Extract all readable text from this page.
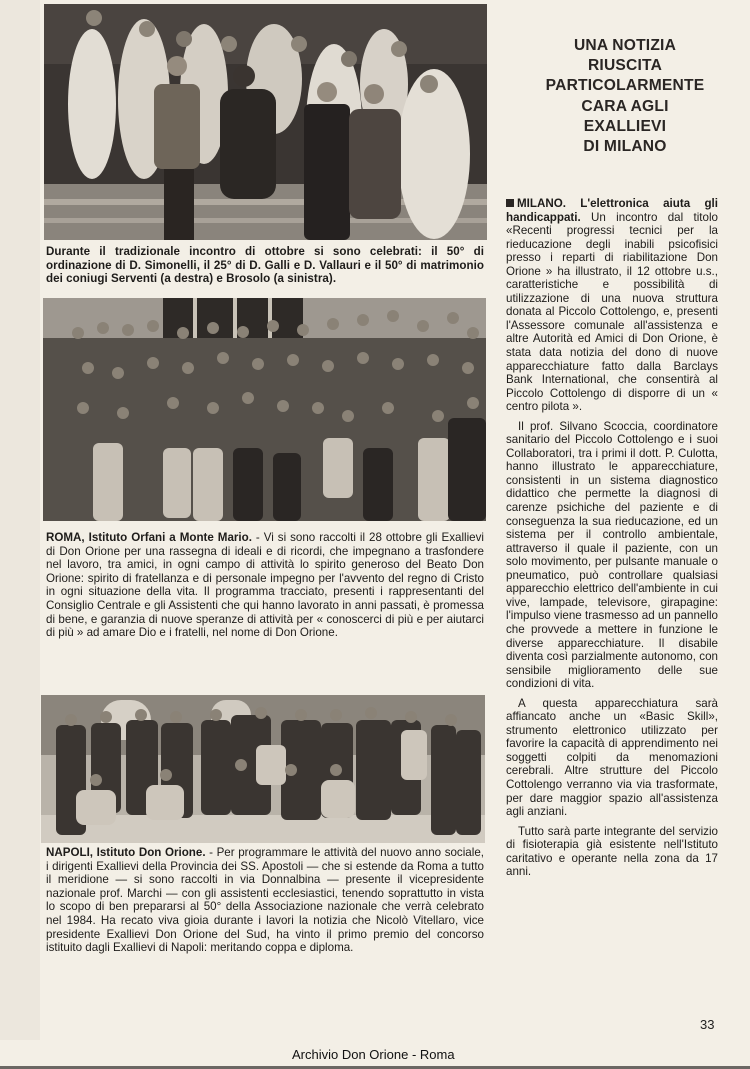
Durante il tradizionale incontro di ottobre si sono celebrati: il 50° di ordinazione di D. Simonelli, il 25° di D. Galli e D. Vallauri e il 50° di matrimonio dei coniugi Serventi (a destra) e Brosolo (a sinistra).
ROMA, Istituto Orfani a Monte Mario. - Vi si sono raccolti il 28 ottobre gli Exallievi di Don Orione per una rassegna di ideali e di ricordi, che impegnano a trasfondere nel lavoro, tra amici, in ogni campo di attività lo spirito generoso del Beato Don Orione: spirito di fratellanza e di personale impegno per l'avvento del regno di Cristo in ogni situazione della vita. Il programma tracciato, presenti i rappresentanti del Consiglio Centrale e gli Assistenti che qui hanno lavorato in anni passati, è promessa di bene, e garanzia di nuove speranze di attività per « conoscerci di più e per aiutarci di più » ad amare Dio e i fratelli, nel nome di Don Orione.
NAPOLI, Istituto Don Orione. - Per programmare le attività del nuovo anno sociale, i dirigenti Exallievi della Provincia dei SS. Apostoli — che si estende da Roma a tutto il meridione — si sono raccolti in via Donnalbina — presente il vicepresidente nazionale prof. Marchi — con gli assistenti ecclesiastici, tenendo soprattutto in vista lo scopo di ben prepararsi al 50° della Associazione nazionale che verrà celebrato nel 1984. Ha recato viva gioia durante i lavori la notizia che Nicolò Vitellaro, vice presidente Exallievi Don Orione del Sud, ha vinto il primo premio del concorso istituito dagli Exallievi di Napoli: meritando coppa e diploma.
UNA NOTIZIA
RIUSCITA
PARTICOLARMENTE
CARA AGLI
EXALLIEVI
DI MILANO

MILANO. L'elettronica aiuta gli handicappati. Un incontro dal titolo «Recenti progressi tecnici per la rieducazione degli inabili psicofisici presso i reparti di riabilitazione Don Orione » ha illustrato, il 12 ottobre u.s., caratteristiche e possibilità di utilizzazione di una nuova struttura donata al Piccolo Cottolengo, e, presenti l'Assessore comunale all'assistenza e altre Autorità ed Amici di Don Orione, è stata data notizia del dono di nuove apparecchiature fatto dalla Barclays Bank International, che consentirà al Piccolo Cottolengo di disporre di un « centro pilota ».

Il prof. Silvano Scoccia, coordinatore sanitario del Piccolo Cottolengo e i suoi Collaboratori, tra i primi il dott. P. Culotta, hanno illustrato le apparecchiature, consistenti in un sistema diagnostico didattico che permette la diagnosi di carenze psichiche del paziente e di conseguenza la sua rieducazione, ed un sistema per il controllo ambientale, attraverso il quale il paziente, con un solo movimento, per pulsante manuale o pneumatico, può controllare qualsiasi apparecchio elettrico dell'ambiente in cui vive, lampade, televisore, girapagine: l'impulso viene trasmesso ad un pannello che provvede a mettere in funzione le diverse apparecchiature. Il disabile diventa così parzialmente autonomo, con sensibile miglioramento delle sue condizioni di vita.

A questa apparecchiatura sarà affiancato anche un «Basic Skill», strumento elettronico utilizzato per favorire la capacità di apprendimento nei soggetti colpiti da menomazioni cerebrali. Altre strutture del Piccolo Cottolengo verranno via via trasformate, per dare maggior spazio all'assistenza agli anziani.

Tutto sarà parte integrante del servizio di fisioterapia già esistente nell'Istituto caritativo e operante nella zona da 17 anni.

33
Archivio Don Orione - Roma
